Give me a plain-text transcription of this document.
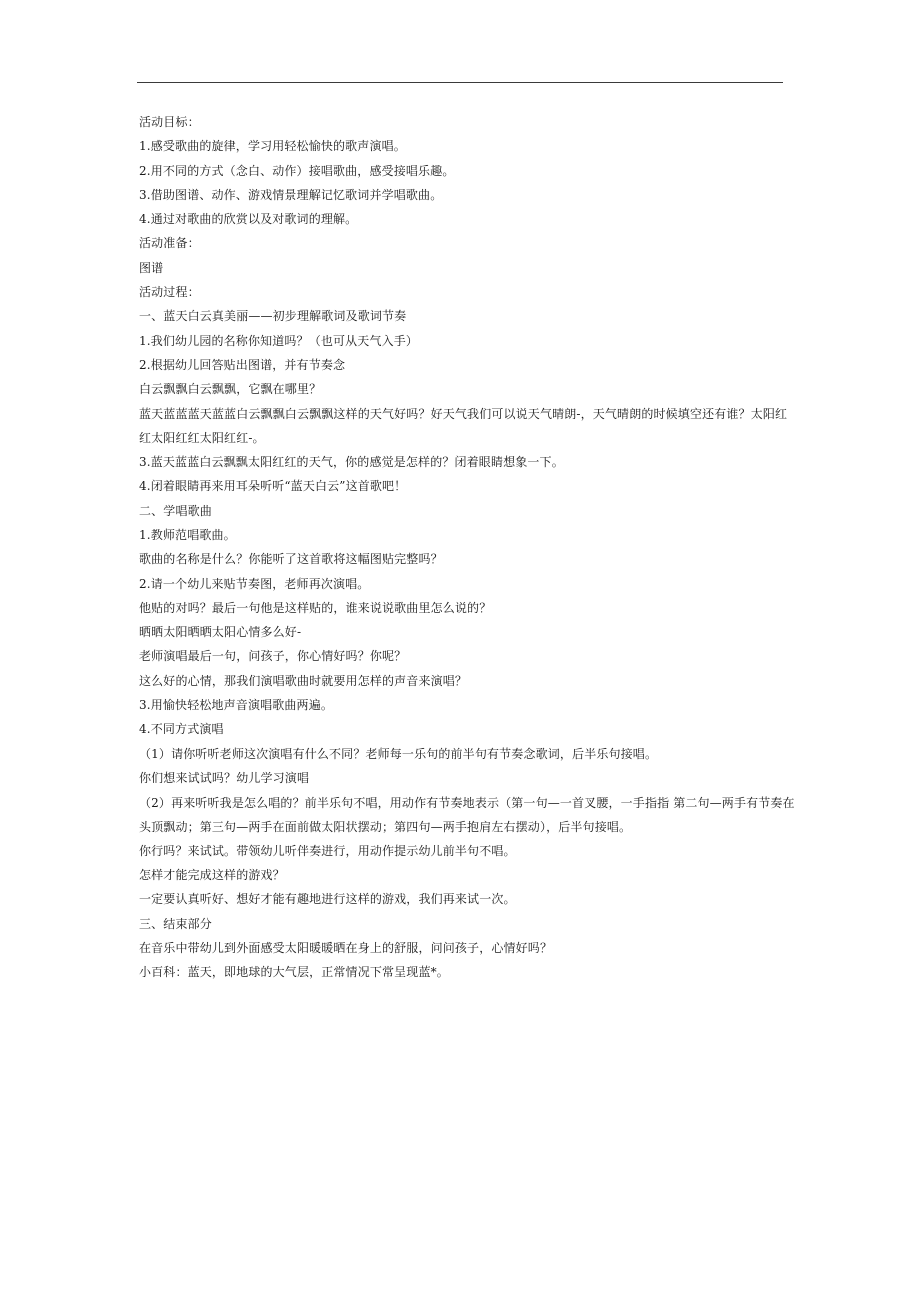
活动目标：
1.感受歌曲的旋律，学习用轻松愉快的歌声演唱。
2.用不同的方式（念白、动作）接唱歌曲，感受接唱乐趣。
3.借助图谱、动作、游戏情景理解记忆歌词并学唱歌曲。
4.通过对歌曲的欣赏以及对歌词的理解。
活动准备：
图谱
活动过程：
一、蓝天白云真美丽——初步理解歌词及歌词节奏
1.我们幼儿园的名称你知道吗？（也可从天气入手）
2.根据幼儿回答贴出图谱，并有节奏念
白云飘飘白云飘飘，它飘在哪里？
蓝天蓝蓝蓝天蓝蓝白云飘飘白云飘飘这样的天气好吗？好天气我们可以说天气晴朗-，天气晴朗的时候填空还有谁？太阳红红太阳红红太阳红红-。
3.蓝天蓝蓝白云飘飘太阳红红的天气，你的感觉是怎样的？闭着眼睛想象一下。
4.闭着眼睛再来用耳朵听听“蓝天白云”这首歌吧！
二、学唱歌曲
1.教师范唱歌曲。
歌曲的名称是什么？你能听了这首歌将这幅图贴完整吗？
2.请一个幼儿来贴节奏图，老师再次演唱。
他贴的对吗？最后一句他是这样贴的，谁来说说歌曲里怎么说的？
晒晒太阳晒晒太阳心情多么好-
老师演唱最后一句，问孩子，你心情好吗？你呢？
这么好的心情，那我们演唱歌曲时就要用怎样的声音来演唱？
3.用愉快轻松地声音演唱歌曲两遍。
4.不同方式演唱
（1）请你听听老师这次演唱有什么不同？老师每一乐句的前半句有节奏念歌词，后半乐句接唱。
你们想来试试吗？幼儿学习演唱
（2）再来听听我是怎么唱的？前半乐句不唱，用动作有节奏地表示（第一句—一首叉腰，一手指指 第二句—两手有节奏在头顶飘动；第三句—两手在面前做太阳状摆动；第四句—两手抱肩左右摆动），后半句接唱。
你行吗？来试试。带领幼儿听伴奏进行，用动作提示幼儿前半句不唱。
怎样才能完成这样的游戏？
一定要认真听好、想好才能有趣地进行这样的游戏，我们再来试一次。
三、结束部分
在音乐中带幼儿到外面感受太阳暖暖晒在身上的舒服，问问孩子，心情好吗？
小百科：蓝天，即地球的大气层，正常情况下常呈现蓝*。
